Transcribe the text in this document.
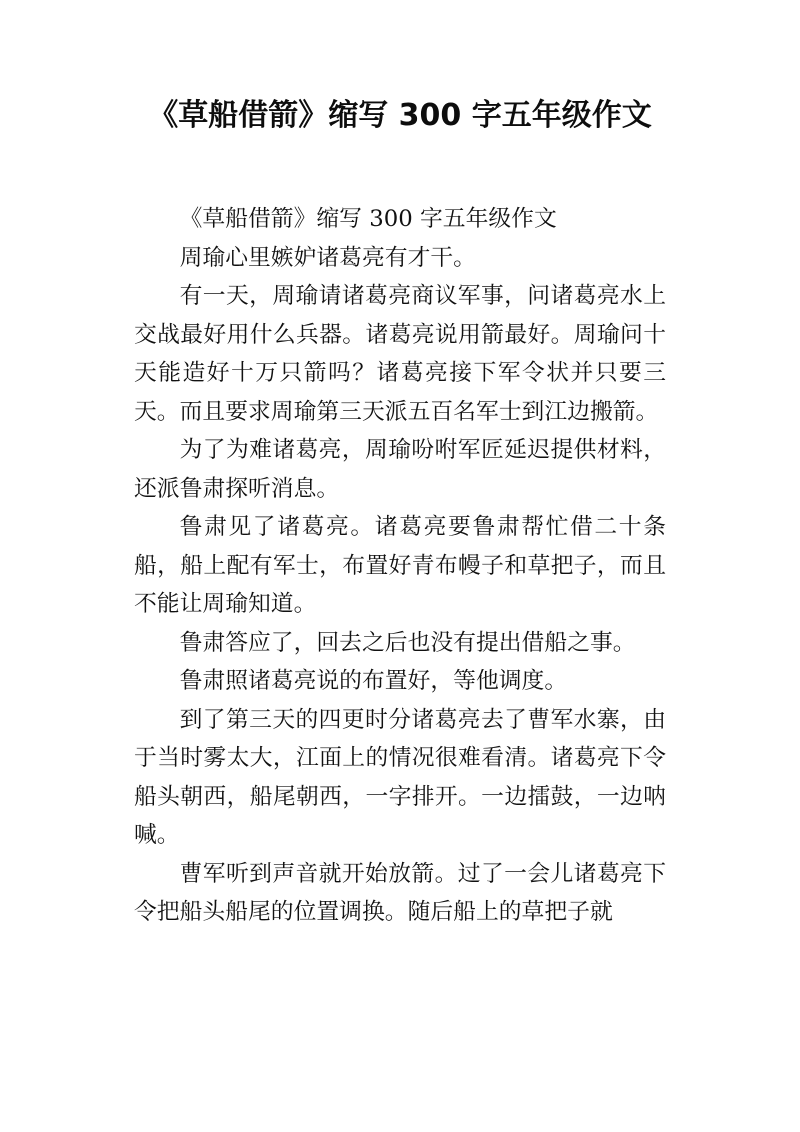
《草船借箭》缩写 300 字五年级作文

《草船借箭》缩写 300 字五年级作文

周瑜心里嫉妒诸葛亮有才干。

有一天，周瑜请诸葛亮商议军事，问诸葛亮水上交战最好用什么兵器。诸葛亮说用箭最好。周瑜问十天能造好十万只箭吗？诸葛亮接下军令状并只要三天。而且要求周瑜第三天派五百名军士到江边搬箭。

为了为难诸葛亮，周瑜吩咐军匠延迟提供材料，还派鲁肃探听消息。

鲁肃见了诸葛亮。诸葛亮要鲁肃帮忙借二十条船，船上配有军士，布置好青布幔子和草把子，而且不能让周瑜知道。

鲁肃答应了，回去之后也没有提出借船之事。

鲁肃照诸葛亮说的布置好，等他调度。

到了第三天的四更时分诸葛亮去了曹军水寨，由于当时雾太大，江面上的情况很难看清。诸葛亮下令船头朝西，船尾朝西，一字排开。一边擂鼓，一边呐喊。

曹军听到声音就开始放箭。过了一会儿诸葛亮下令把船头船尾的位置调换。随后船上的草把子就
